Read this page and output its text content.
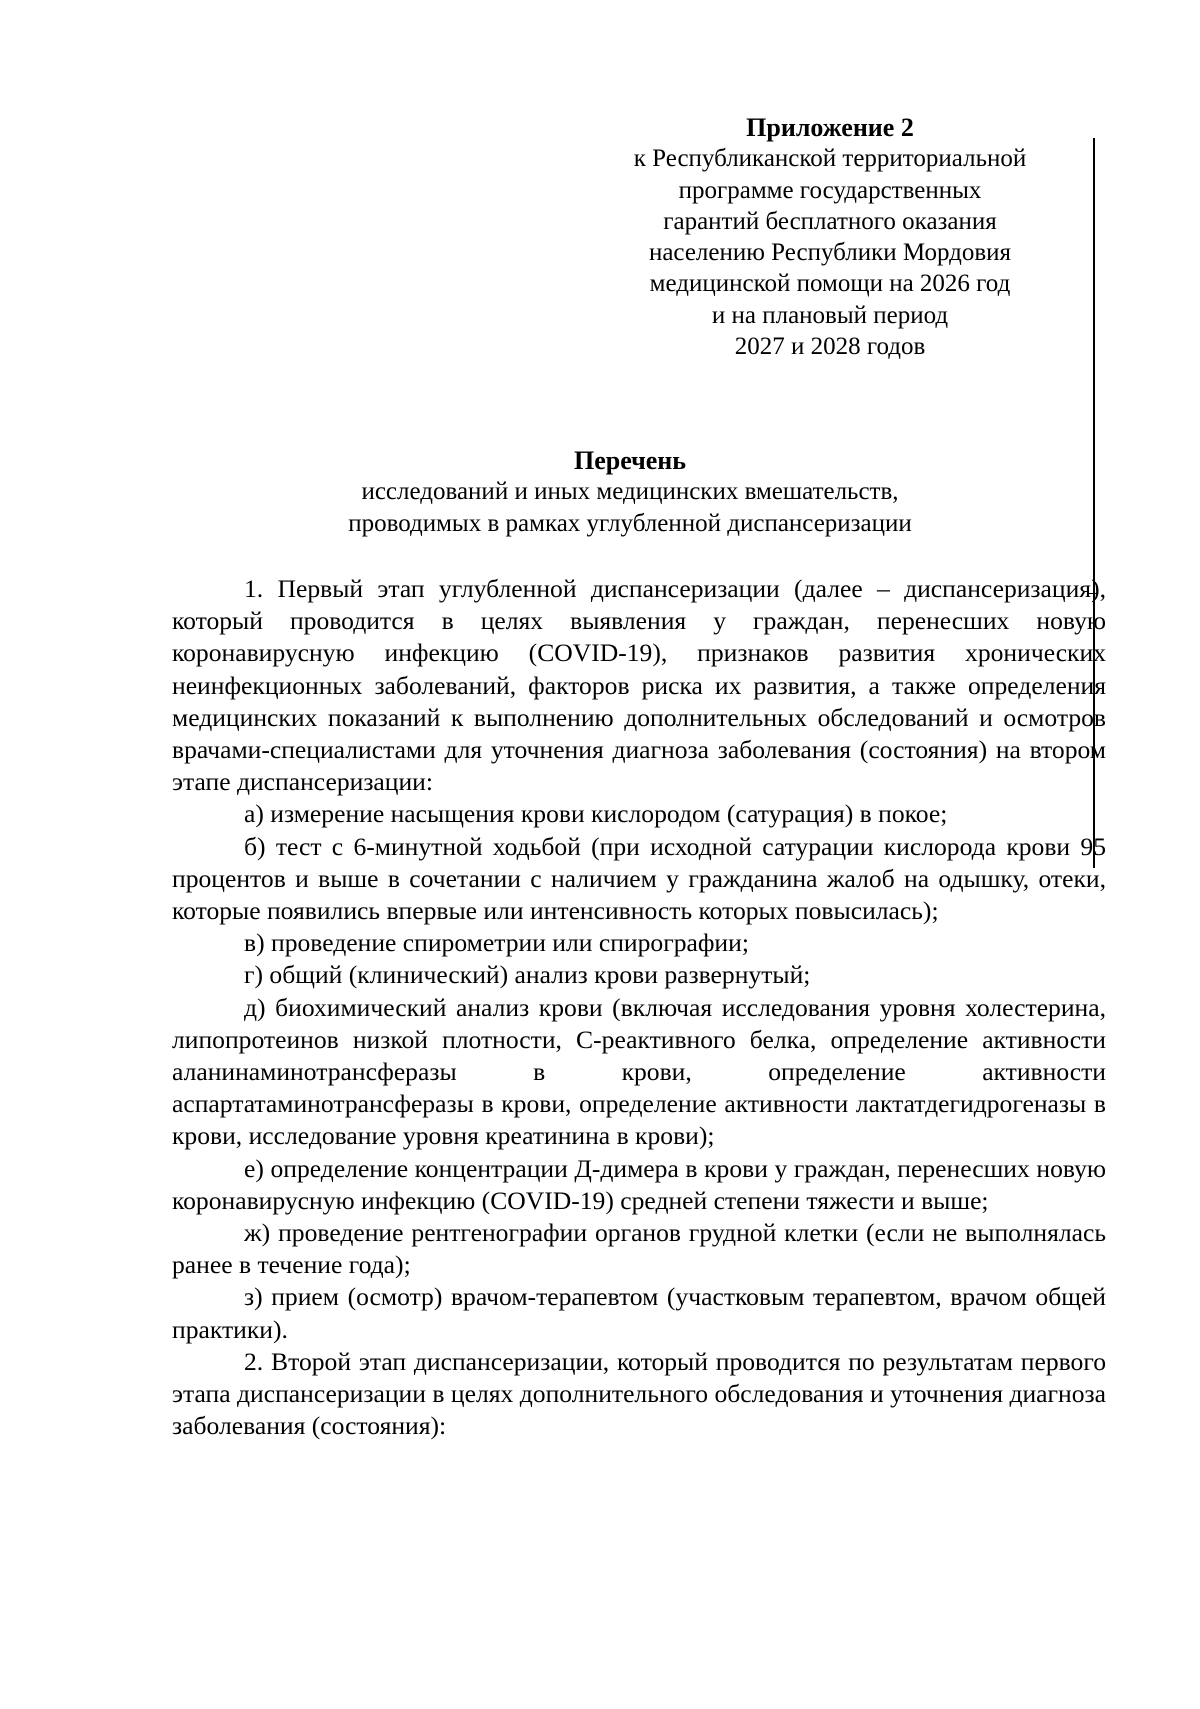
Приложение 2
к Республиканской территориальной
программе государственных
гарантий бесплатного оказания
населению Республики Мордовия
медицинской помощи на 2026 год
и на плановый период
2027 и 2028 годов
Перечень
исследований и иных медицинских вмешательств,
проводимых в рамках углубленной диспансеризации

1. Первый этап углубленной диспансеризации (далее – диспансеризация), который проводится в целях выявления у граждан, перенесших новую коронавирусную инфекцию (COVID-19), признаков развития хронических неинфекционных заболеваний, факторов риска их развития, а также определения медицинских показаний к выполнению дополнительных обследований и осмотров врачами-специалистами для уточнения диагноза заболевания (состояния) на втором этапе диспансеризации:

а) измерение насыщения крови кислородом (сатурация) в покое;

б) тест с 6-минутной ходьбой (при исходной сатурации кислорода крови 95 процентов и выше в сочетании с наличием у гражданина жалоб на одышку, отеки, которые появились впервые или интенсивность которых повысилась);

в) проведение спирометрии или спирографии;

г) общий (клинический) анализ крови развернутый;

д) биохимический анализ крови (включая исследования уровня холестерина, липопротеинов низкой плотности, C-реактивного белка, определение активности аланинаминотрансферазы в крови, определение активности аспартатаминотрансферазы в крови, определение активности лактатдегидрогеназы в крови, исследование уровня креатинина в крови);

е) определение концентрации Д-димера в крови у граждан, перенесших новую коронавирусную инфекцию (COVID-19) средней степени тяжести и выше;

ж) проведение рентгенографии органов грудной клетки (если не выполнялась ранее в течение года);

з) прием (осмотр) врачом-терапевтом (участковым терапевтом, врачом общей практики).

2. Второй этап диспансеризации, который проводится по результатам первого этапа диспансеризации в целях дополнительного обследования и уточнения диагноза заболевания (состояния):
